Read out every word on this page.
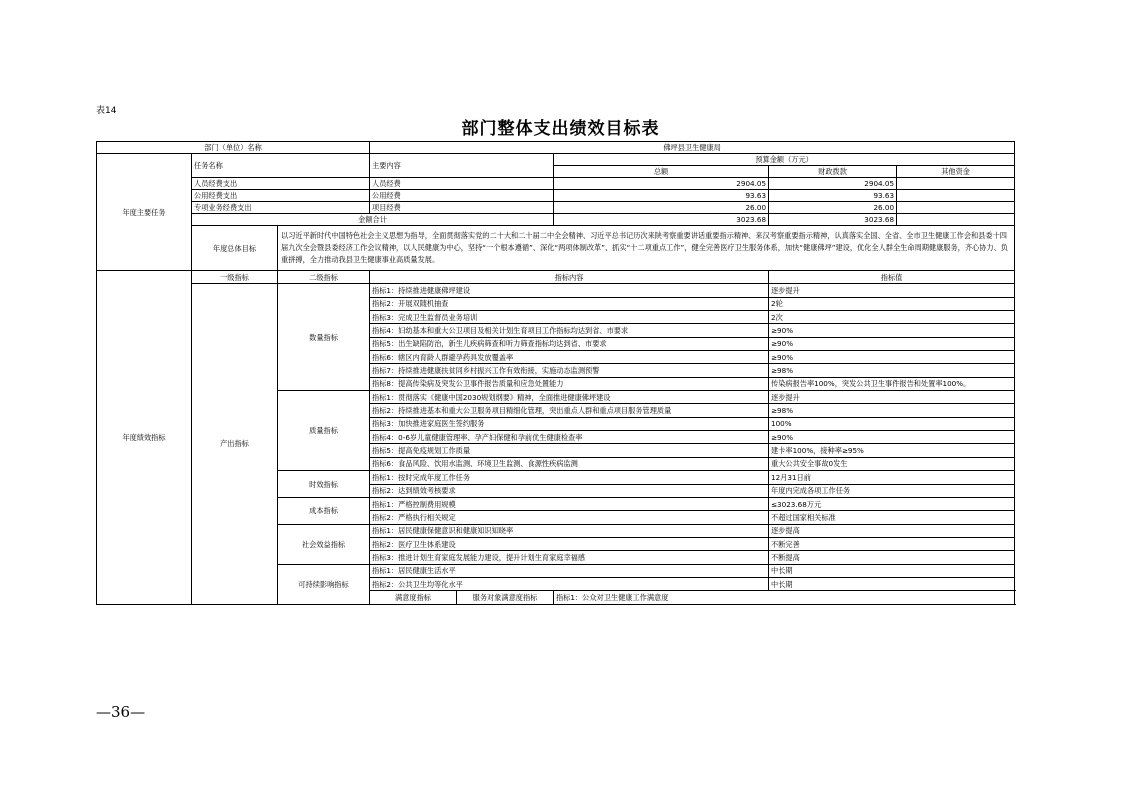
表14
部门整体支出绩效目标表
部门（单位）名称			佛坪县卫生健康局					
年度主要任务	任务名称		主要内容		预算金额（万元）			
					总额	财政拨款	其他资金	
	人员经费支出		人员经费		2904.05	2904.05		
	公用经费支出		公用经费		93.63	93.63		
	专项业务经费支出		项目经费		26.00	26.00		
	金额合计				3023.68	3023.68		
	年度总体目标	以习近平新时代中国特色社会主义思想为指导，全面贯彻落实党的二十大和二十届二中全会精神、习近平总书记历次来陕考察重要讲话重要指示精神、来汉考察重要指示精神，认真落实全国、全省、全市卫生健康工作会和县委十四届九次全会暨县委经济工作会议精神，以人民健康为中心，坚持“一个根本遵循”、深化“两项体制改革”、抓实“十二项重点工作”，健全完善医疗卫生服务体系，加快“健康佛坪”建设，优化全人群全生命周期健康服务，齐心协力、负重拼搏，全力推动我县卫生健康事业高质量发展。						
年度绩效指标	一级指标	二级指标	指标内容			指标值		
	产出指标	数量指标	指标1：持续推进健康佛坪建设			逐步提升		
			指标2：开展双随机抽查			2轮		
			指标3：完成卫生监督员业务培训			2次		
			指标4：妇幼基本和重大公卫项目及相关计划生育项目工作指标均达到省、市要求			≥90%		
			指标5：出生缺陷防治，新生儿疾病筛查和听力筛查指标均达到省、市要求			≥90%		
			指标6：辖区内育龄人群避孕药具发放覆盖率			≥90%		
			指标7：持续推进健康扶贫同乡村振兴工作有效衔接，实施动态监测预警			≥98%		
			指标8：提高传染病及突发公卫事件报告质量和应急处置能力			传染病报告率100%，突发公共卫生事件报告和处置率100%。		
		质量指标	指标1：贯彻落实《健康中国2030规划纲要》精神，全面推进健康佛坪建设			逐步提升		
			指标2：持续推进基本和重大公卫服务项目精细化管理，突出重点人群和重点项目服务管理质量			≥98%		
			指标3：加快推进家庭医生签约服务			100%		
			指标4：0-6岁儿童健康管理率、孕产妇保健和孕前优生健康检查率			≥90%		
			指标5：提高免疫规划工作质量			建卡率100%，接种率≥95%		
			指标6：食品风险、饮用水监测、环境卫生监测、食源性疾病监测			重大公共安全事故0发生		
		时效指标	指标1：按时完成年度工作任务			12月31日前		
			指标2：达到绩效考核要求			年度内完成各项工作任务		
		成本指标	指标1：严格控制费用规模			≤3023.68万元		
			指标2：严格执行相关规定			不超过国家相关标准		
		社会效益指标	指标1：居民健康保健意识和健康知识知晓率			逐步提高		
			指标2：医疗卫生体系建设			不断完善		
			指标3：推进计划生育家庭发展能力建设，提升计划生育家庭幸福感			不断提高		
		可持续影响指标	指标1：居民健康生活水平			中长期		
			指标2：公共卫生均等化水平			中长期		
			满意度指标	服务对象满意度指标	指标1：公众对卫生健康工作满意度	
—36—
